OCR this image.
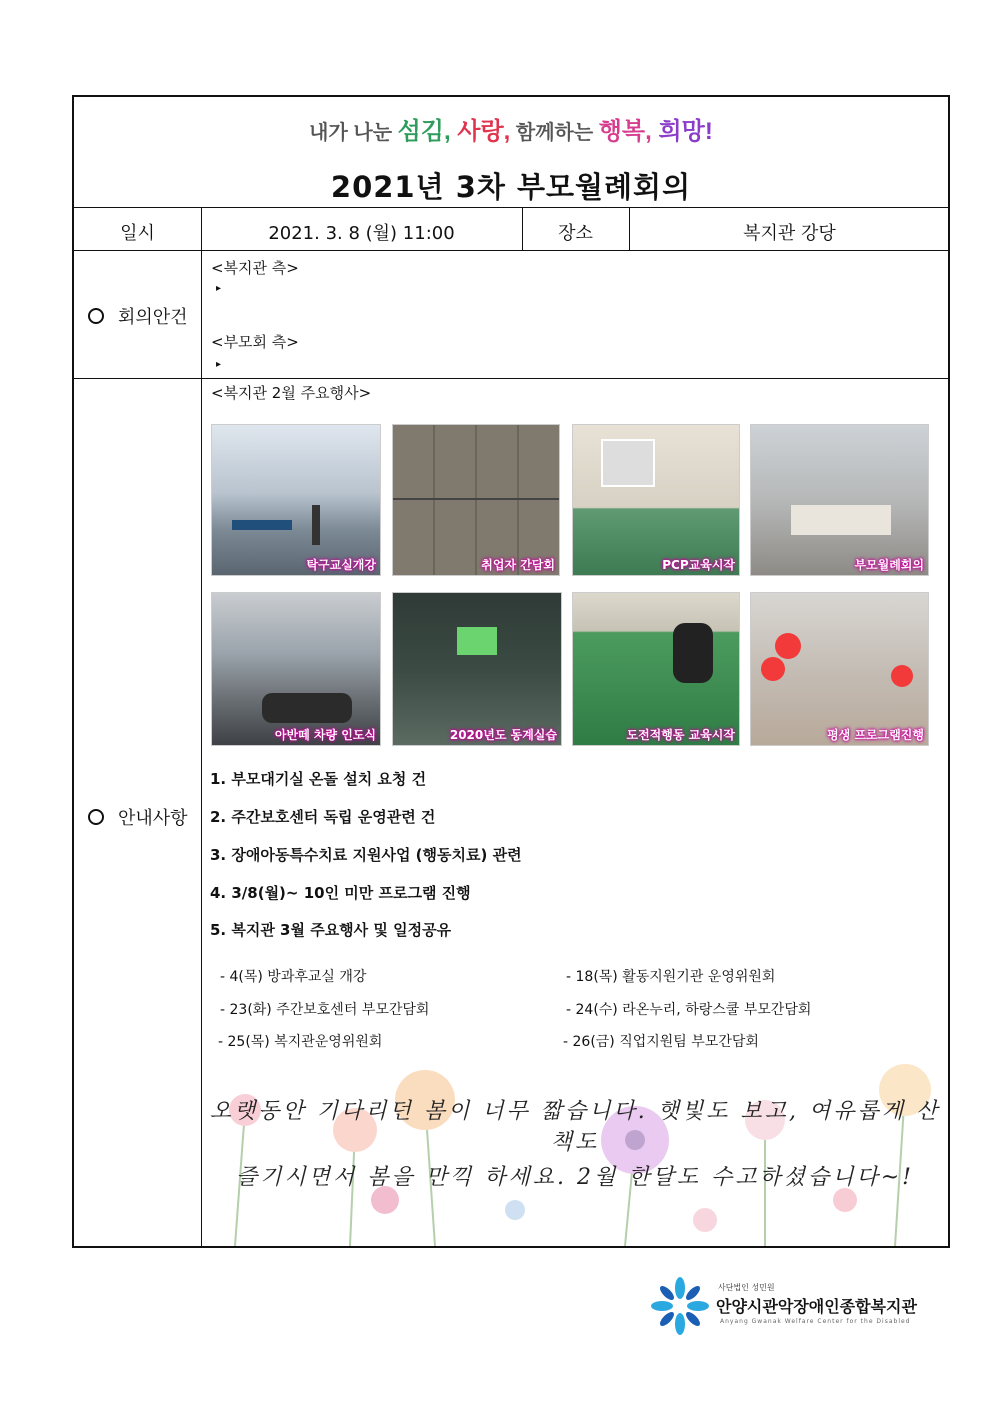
내가 나눈 섬김, 사랑, 함께하는 행복, 희망!
2021년 3차 부모월례회의
일시	2021. 3. 8 (월) 11:00	장소	복지관 강당
회의안건
<복지관 측>
▸
<부모회 측>
▸
안내사항
<복지관 2월 주요행사>
탁구교실개강	취업자 간담회	PCP교육시작	부모월례회의
아반떼 차량 인도식	2020년도 동계실습	도전적행동 교육시작	평생 프로그램진행
1. 부모대기실 온돌 설치 요청 건
2. 주간보호센터 독립 운영관련 건
3. 장애아동특수치료 지원사업 (행동치료) 관련
4. 3/8(월)~ 10인 미만 프로그램 진행
5. 복지관 3월 주요행사 및 일정공유
- 4(목) 방과후교실 개강	- 18(목) 활동지원기관 운영위원회
- 23(화) 주간보호센터 부모간담회	- 24(수) 라온누리, 하랑스쿨 부모간담회
- 25(목) 복지관운영위원회	- 26(금) 직업지원팀 부모간담회
오랫동안 기다리던 봄이 너무 짧습니다. 햇빛도 보고, 여유롭게 산책도
즐기시면서 봄을 만끽 하세요. 2월 한달도 수고하셨습니다~!
사단법인 성민원
안양시관악장애인종합복지관
Anyang Gwanak Welfare Center for the Disabled
